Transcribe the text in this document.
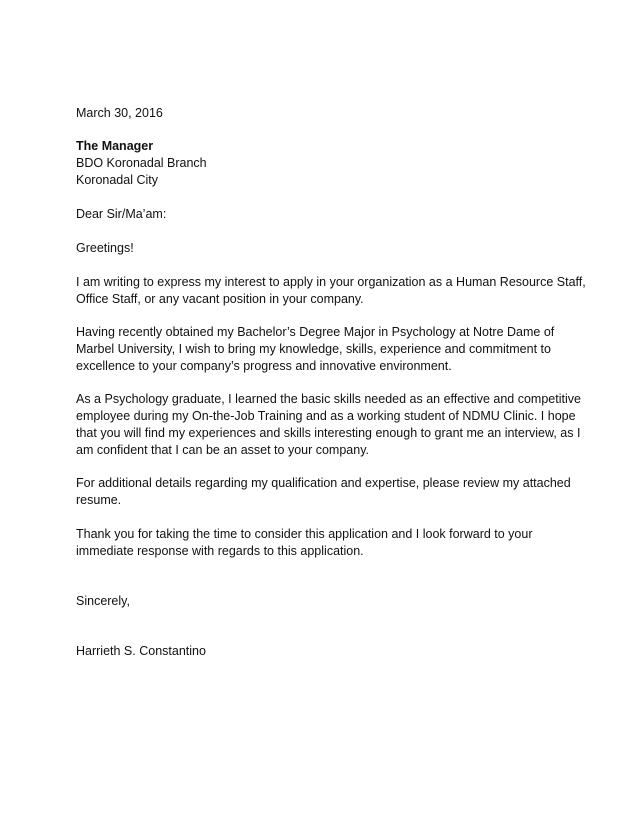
March 30, 2016
The Manager
BDO Koronadal Branch
Koronadal City
Dear Sir/Ma’am:
Greetings!
I am writing to express my interest to apply in your organization as a Human Resource Staff,
Office Staff, or any vacant position in your company.
Having recently obtained my Bachelor’s Degree Major in Psychology at Notre Dame of
Marbel University, I wish to bring my knowledge, skills, experience and commitment to
excellence to your company’s progress and innovative environment.
As a Psychology graduate, I learned the basic skills needed as an effective and competitive
employee during my On-the-Job Training and as a working student of NDMU Clinic. I hope
that you will find my experiences and skills interesting enough to grant me an interview, as I
am confident that I can be an asset to your company.
For additional details regarding my qualification and expertise, please review my attached
resume.
Thank you for taking the time to consider this application and I look forward to your
immediate response with regards to this application.
Sincerely,
Harrieth S. Constantino
